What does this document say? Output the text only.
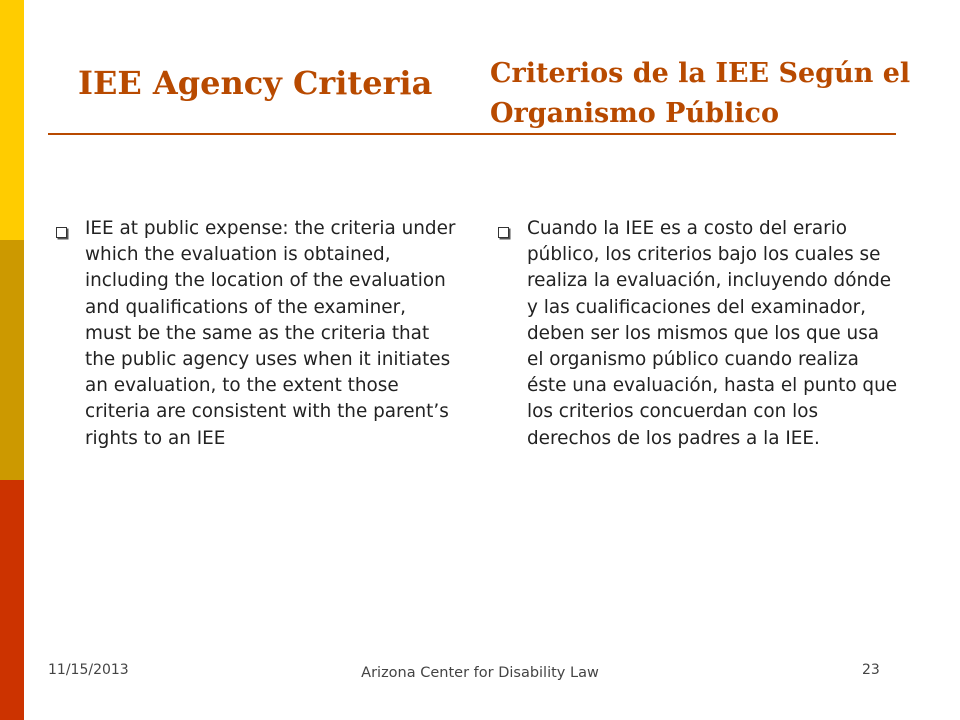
IEE Agency Criteria Criterios de la IEE Según el Organismo Público
IEE at public expense: the criteria under which the evaluation is obtained, including the location of the evaluation and qualifications of the examiner, must be the same as the criteria that the public agency uses when it initiates an evaluation, to the extent those criteria are consistent with the parent’s rights to an IEE
Cuando la IEE es a costo del erario público, los criterios bajo los cuales se realiza la evaluación, incluyendo dónde y las cualificaciones del examinador, deben ser los mismos que los que usa el organismo público cuando realiza éste una evaluación, hasta el punto que los criterios concuerdan con los derechos de los padres a la IEE.
11/15/2013	Arizona Center for Disability Law	23
